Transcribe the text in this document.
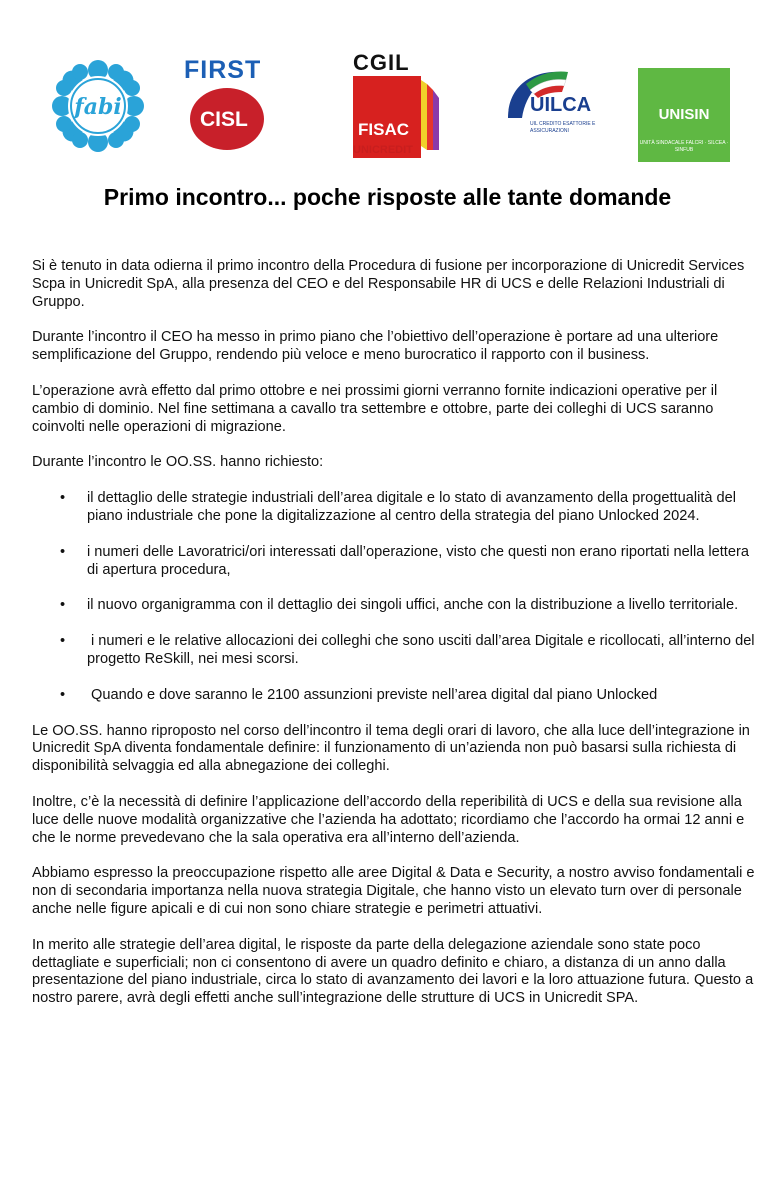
fabi
FIRST
CISL
CGIL
FISAC
UNICREDIT
UILCA
UIL CREDITO ESATTORIE E ASSICURAZIONI
UNISIN
UNITÀ SINDACALE FALCRI · SILCEA · SINFUB
Primo incontro... poche risposte alle tante domande

Si è tenuto in data odierna il primo incontro della Procedura di fusione per incorporazione di Unicredit Services Scpa in Unicredit SpA, alla presenza del CEO e del Responsabile HR di UCS e delle Relazioni Industriali di Gruppo.

Durante l’incontro il CEO ha messo in primo piano che l’obiettivo dell’operazione è portare ad una ulteriore semplificazione del Gruppo, rendendo più veloce e meno burocratico il rapporto con il business.

L’operazione avrà effetto dal primo ottobre e nei prossimi giorni verranno fornite indicazioni operative per il cambio di dominio. Nel fine settimana a cavallo tra settembre e ottobre, parte dei colleghi di UCS saranno coinvolti nelle operazioni di migrazione.

Durante l’incontro le OO.SS. hanno richiesto:

• il dettaglio delle strategie industriali dell’area digitale e lo stato di avanzamento della progettualità del piano industriale che pone la digitalizzazione al centro della strategia del piano Unlocked 2024.
• i numeri delle Lavoratrici/ori interessati dall’operazione, visto che questi non erano riportati nella lettera di apertura procedura,
• il nuovo organigramma con il dettaglio dei singoli uffici, anche con la distribuzione a livello territoriale.
• i numeri e le relative allocazioni dei colleghi che sono usciti dall’area Digitale e ricollocati, all’interno del progetto ReSkill, nei mesi scorsi.
• Quando e dove saranno le 2100 assunzioni previste nell’area digital dal piano Unlocked

Le OO.SS. hanno riproposto nel corso dell’incontro il tema degli orari di lavoro, che alla luce dell’integrazione in Unicredit SpA diventa fondamentale definire: il funzionamento di un’azienda non può basarsi sulla richiesta di disponibilità selvaggia ed alla abnegazione dei colleghi.

Inoltre, c’è la necessità di definire l’applicazione dell’accordo della reperibilità di UCS e della sua revisione alla luce delle nuove modalità organizzative che l’azienda ha adottato; ricordiamo che l’accordo ha ormai 12 anni e che le norme prevedevano che la sala operativa era all’interno dell’azienda.

Abbiamo espresso la preoccupazione rispetto alle aree Digital & Data e Security, a nostro avviso fondamentali e non di secondaria importanza nella nuova strategia Digitale, che hanno visto un elevato turn over di personale anche nelle figure apicali e di cui non sono chiare strategie e perimetri attuativi.

In merito alle strategie dell’area digital, le risposte da parte della delegazione aziendale sono state poco dettagliate e superficiali; non ci consentono di avere un quadro definito e chiaro, a distanza di un anno dalla presentazione del piano industriale, circa lo stato di avanzamento dei lavori e la loro attuazione futura. Questo a nostro parere, avrà degli effetti anche sull’integrazione delle strutture di UCS in Unicredit SPA.
